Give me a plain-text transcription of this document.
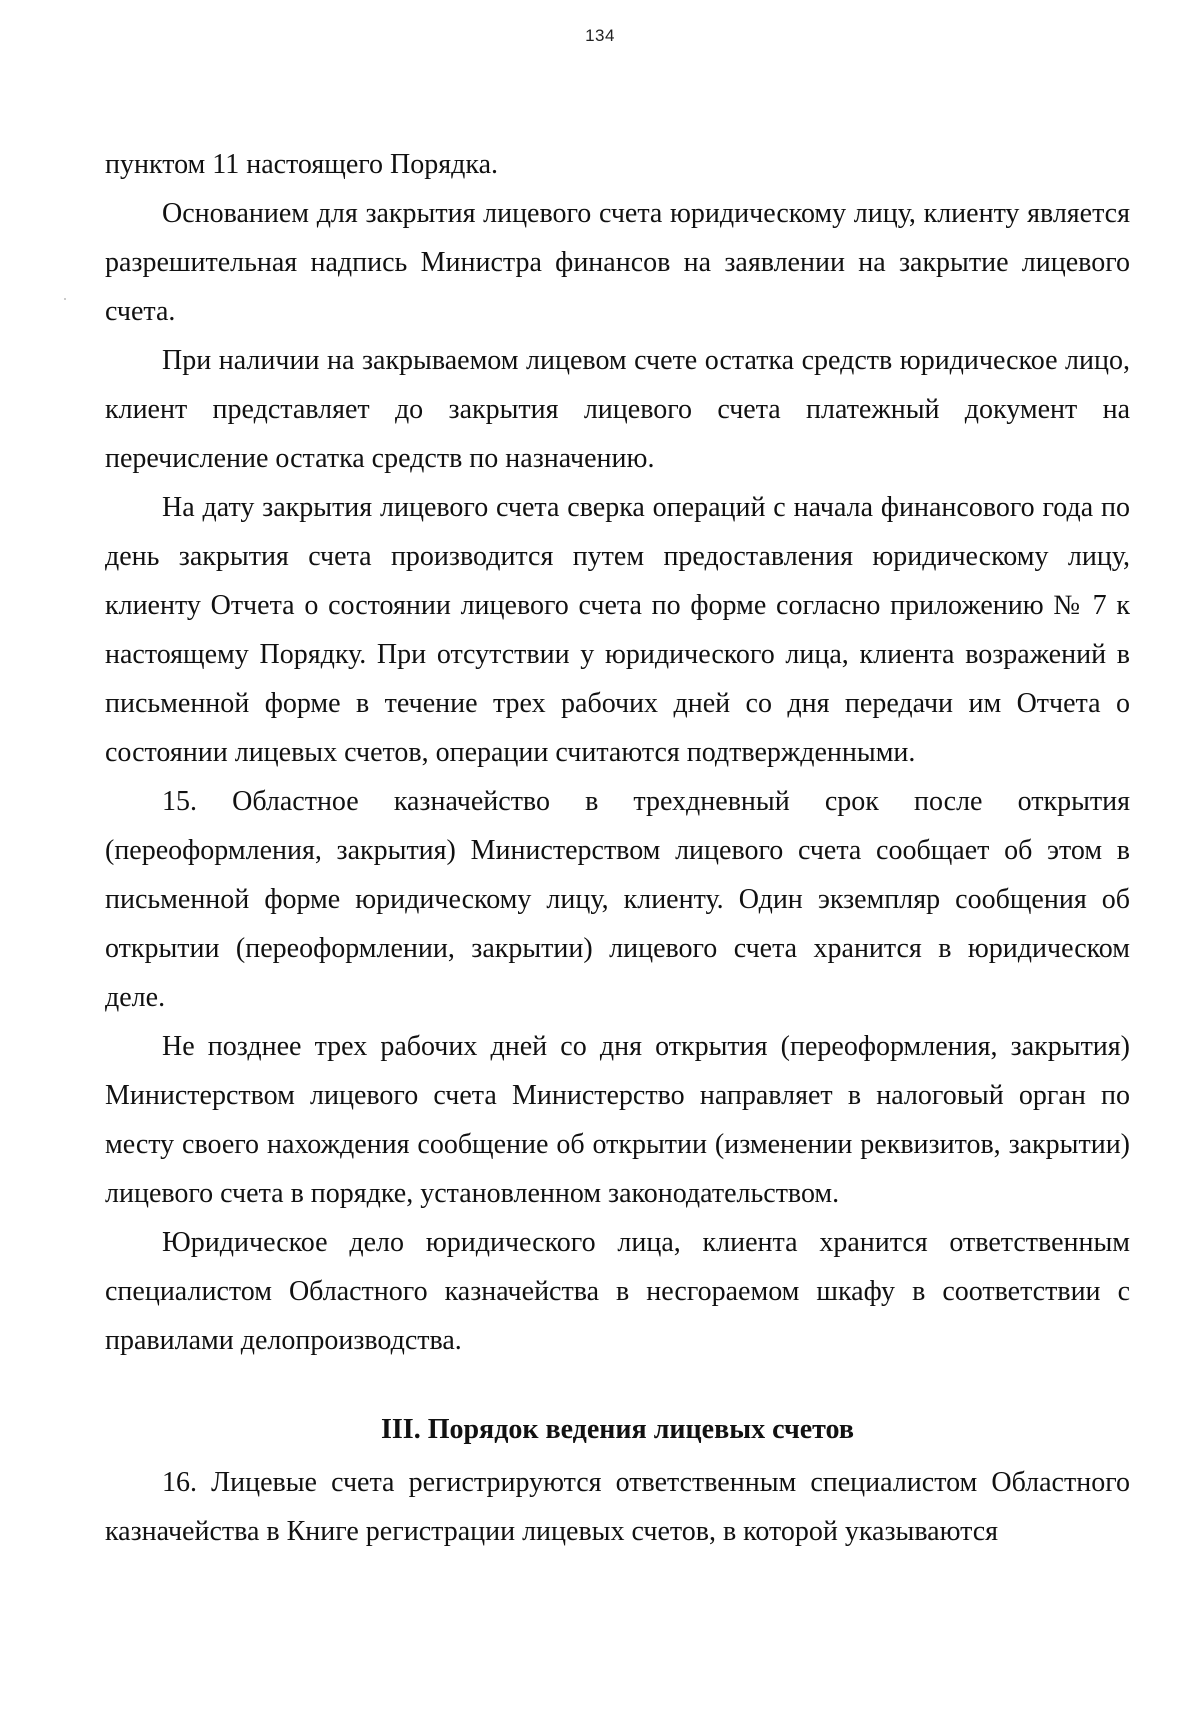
134

пунктом 11 настоящего Порядка.

Основанием для закрытия лицевого счета юридическому лицу, клиенту является разрешительная надпись Министра финансов на заявлении на закрытие лицевого счета.

При наличии на закрываемом лицевом счете остатка средств юридическое лицо, клиент представляет до закрытия лицевого счета платежный документ на перечисление остатка средств по назначению.

На дату закрытия лицевого счета сверка операций с начала финансового года по день закрытия счета производится путем предоставления юридическому лицу, клиенту Отчета о состоянии лицевого счета по форме согласно приложению № 7 к настоящему Порядку. При отсутствии у юридического лица, клиента возражений в письменной форме в течение трех рабочих дней со дня передачи им Отчета о состоянии лицевых счетов, операции считаются подтвержденными.

15. Областное казначейство в трехдневный срок после открытия (переоформления, закрытия) Министерством лицевого счета сообщает об этом в письменной форме юридическому лицу, клиенту. Один экземпляр сообщения об открытии (переоформлении, закрытии) лицевого счета хранится в юридическом деле.

Не позднее трех рабочих дней со дня открытия (переоформления, закрытия) Министерством лицевого счета Министерство направляет в налоговый орган по месту своего нахождения сообщение об открытии (изменении реквизитов, закрытии) лицевого счета в порядке, установленном законодательством.

Юридическое дело юридического лица, клиента хранится ответственным специалистом Областного казначейства в несгораемом шкафу в соответствии с правилами делопроизводства.

III. Порядок ведения лицевых счетов

16. Лицевые счета регистрируются ответственным специалистом Областного казначейства в Книге регистрации лицевых счетов, в которой указываются
